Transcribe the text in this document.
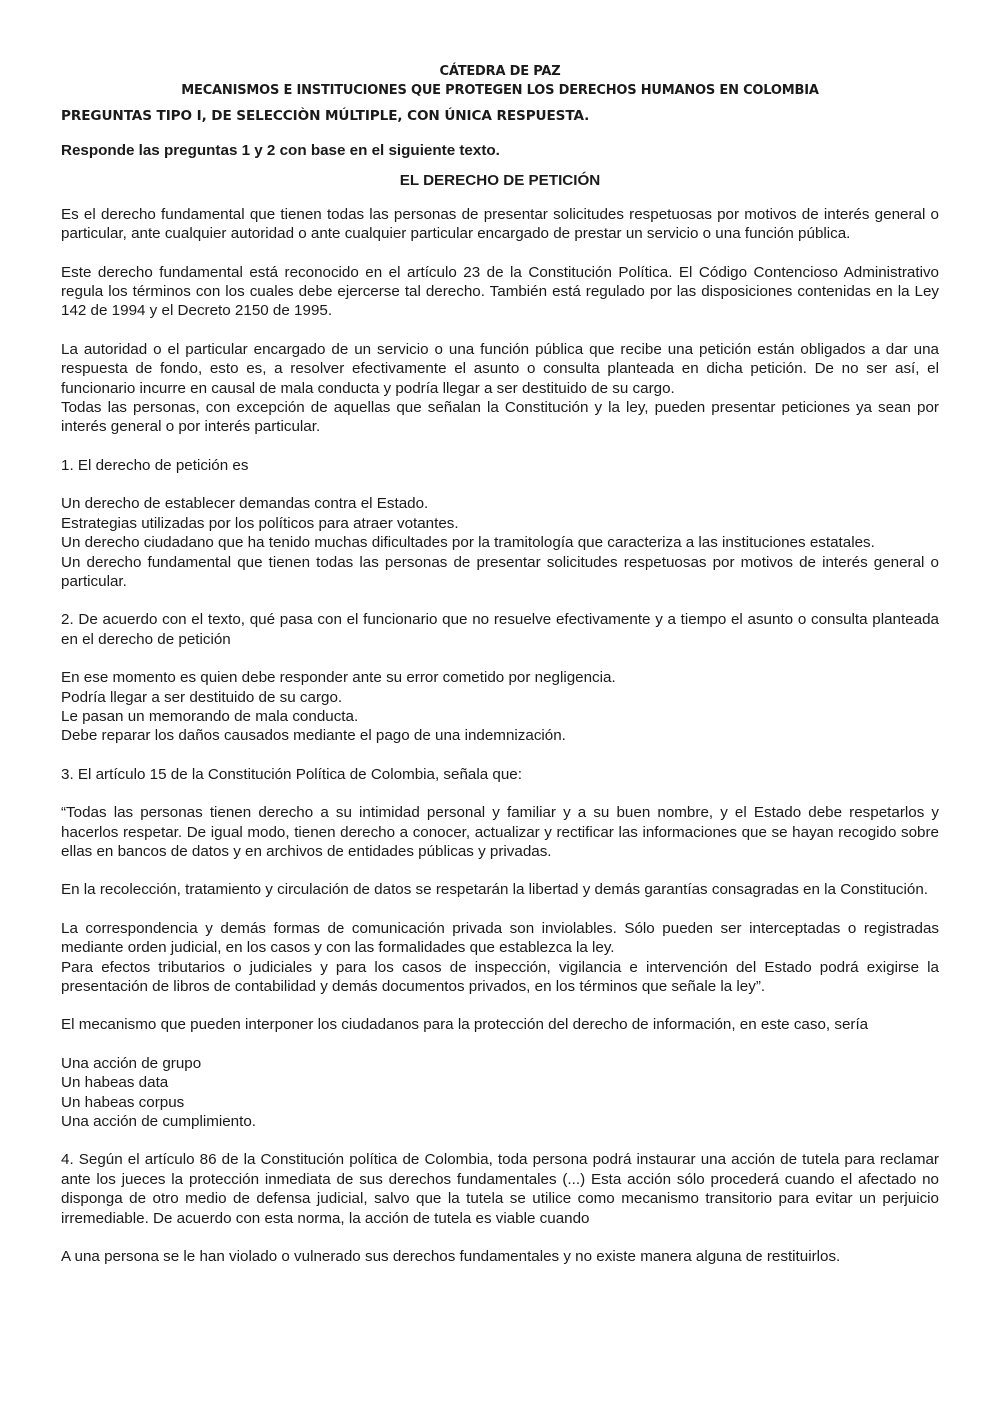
CÁTEDRA DE PAZ
MECANISMOS E INSTITUCIONES QUE PROTEGEN LOS DERECHOS HUMANOS EN COLOMBIA
PREGUNTAS TIPO I, DE SELECCIÒN MÚLTIPLE, CON ÚNICA RESPUESTA.
Responde las preguntas 1 y 2 con base en el siguiente texto.
EL DERECHO DE PETICIÓN

Es el derecho fundamental que tienen todas las personas de presentar solicitudes respetuosas por motivos de interés general o particular, ante cualquier autoridad o ante cualquier particular encargado de prestar un servicio o una función pública.

Este derecho fundamental está reconocido en el artículo 23 de la Constitución Política. El Código Contencioso Administrativo regula los términos con los cuales debe ejercerse tal derecho. También está regulado por las disposiciones contenidas en la Ley 142 de 1994 y el Decreto 2150 de 1995.

La autoridad o el particular encargado de un servicio o una función pública que recibe una petición están obligados a dar una respuesta de fondo, esto es, a resolver efectivamente el asunto o consulta planteada en dicha petición. De no ser así, el funcionario incurre en causal de mala conducta y podría llegar a ser destituido de su cargo.

Todas las personas, con excepción de aquellas que señalan la Constitución y la ley, pueden presentar peticiones ya sean por interés general o por interés particular.

1. El derecho de petición es

Un derecho de establecer demandas contra el Estado.
Estrategias utilizadas por los políticos para atraer votantes.
Un derecho ciudadano que ha tenido muchas dificultades por la tramitología que caracteriza a las instituciones estatales.
Un derecho fundamental que tienen todas las personas de presentar solicitudes respetuosas por motivos de interés general o particular.

2. De acuerdo con el texto, qué pasa con el funcionario que no resuelve efectivamente y a tiempo el asunto o consulta planteada en el derecho de petición

En ese momento es quien debe responder ante su error cometido por negligencia.
Podría llegar a ser destituido de su cargo.
Le pasan un memorando de mala conducta.
Debe reparar los daños causados mediante el pago de una indemnización.

3. El artículo 15 de la Constitución Política de Colombia, señala que:

“Todas las personas tienen derecho a su intimidad personal y familiar y a su buen nombre, y el Estado debe respetarlos y hacerlos respetar. De igual modo, tienen derecho a conocer, actualizar y rectificar las informaciones que se hayan recogido sobre ellas en bancos de datos y en archivos de entidades públicas y privadas.

En la recolección, tratamiento y circulación de datos se respetarán la libertad y demás garantías consagradas en la Constitución.

La correspondencia y demás formas de comunicación privada son inviolables. Sólo pueden ser interceptadas o registradas mediante orden judicial, en los casos y con las formalidades que establezca la ley.

Para efectos tributarios o judiciales y para los casos de inspección, vigilancia e intervención del Estado podrá exigirse la presentación de libros de contabilidad y demás documentos privados, en los términos que señale la ley”.

El mecanismo que pueden interponer los ciudadanos para la protección del derecho de información, en este caso, sería

Una acción de grupo
Un habeas data
Un habeas corpus
Una acción de cumplimiento.

4. Según el artículo 86 de la Constitución política de Colombia, toda persona podrá instaurar una acción de tutela para reclamar ante los jueces la protección inmediata de sus derechos fundamentales (...) Esta acción sólo procederá cuando el afectado no disponga de otro medio de defensa judicial, salvo que la tutela se utilice como mecanismo transitorio para evitar un perjuicio irremediable. De acuerdo con esta norma, la acción de tutela es viable cuando

A una persona se le han violado o vulnerado sus derechos fundamentales y no existe manera alguna de restituirlos.
